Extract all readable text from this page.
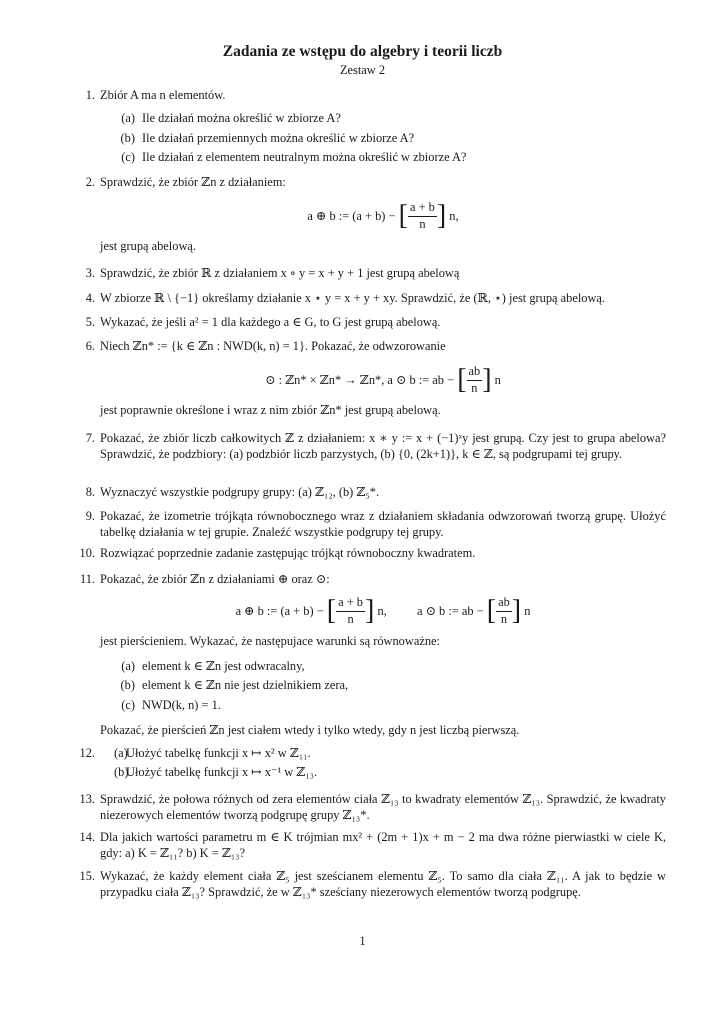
Zadania ze wstępu do algebry i teorii liczb
Zestaw 2
1. Zbiór A ma n elementów.
(a) Ile działań można określić w zbiorze A?
(b) Ile działań przemiennych można określić w zbiorze A?
(c) Ile działań z elementem neutralnym można określić w zbiorze A?
2. Sprawdzić, że zbiór ℤn z działaniem:
a ⊕ b := (a + b) − [ $\frac{a + b}{n}$ ] n,
jest grupą abelową.
3. Sprawdzić, że zbiór ℝ z działaniem x ∘ y = x + y + 1 jest grupą abelową
4. W zbiorze ℝ \ {−1} określamy działanie x ⋆ y = x + y + xy. Sprawdzić, że (ℝ, ⋆) jest grupą abelową.
5. Wykazać, że jeśli a² = 1 dla każdego a ∈ G, to G jest grupą abelową.
6. Niech ℤn* := {k ∈ ℤn : NWD(k, n) = 1}. Pokazać, że odwzorowanie
⊙ : ℤn* × ℤn* → ℤn*, a ⊙ b := ab − [ $\frac{ab}{n}$ ] n
jest poprawnie określone i wraz z nim zbiór ℤn* jest grupą abelową.
7. Pokazać, że zbiór liczb całkowitych ℤ z działaniem: x ∗ y := x + (−1)ˣy jest grupą. Czy jest to grupa abelowa? Sprawdzić, że podzbiory: (a) podzbiór liczb parzystych, (b) {0, (2k+1)}, k ∈ ℤ, są podgrupami tej grupy.
8. Wyznaczyć wszystkie podgrupy grupy: (a) ℤ₁₂, (b) ℤ₅*.
9. Pokazać, że izometrie trójkąta równobocznego wraz z działaniem składania odwzorowań tworzą grupę. Ułożyć tabelkę działania w tej grupie. Znaleźć wszystkie podgrupy tej grupy.
10. Rozwiązać poprzednie zadanie zastępując trójkąt równoboczny kwadratem.
11. Pokazać, że zbiór ℤn z działaniami ⊕ oraz ⊙:
a ⊕ b := (a + b) − [ $\frac{a + b}{n}$ ] n, a ⊙ b := ab − [ $\frac{ab}{n}$ ] n
jest pierścieniem. Wykazać, że następujace warunki są równoważne:
(a) element k ∈ ℤn jest odwracalny,
(b) element k ∈ ℤn nie jest dzielnikiem zera,
(c) NWD(k, n) = 1.
Pokazać, że pierścień ℤn jest ciałem wtedy i tylko wtedy, gdy n jest liczbą pierwszą.
12. (a)
Ułożyć tabelkę funkcji x ↦ x² w ℤ₁₁.
(b)
Ułożyć tabelkę funkcji x ↦ x⁻¹ w ℤ₁₃.
13. Sprawdzić, że połowa różnych od zera elementów ciała ℤ₁₃ to kwadraty elementów ℤ₁₃. Sprawdzić, że kwadraty niezerowych elementów tworzą podgrupę grupy ℤ₁₃*.
14. Dla jakich wartości parametru m ∈ K trójmian mx² + (2m + 1)x + m − 2 ma dwa różne pierwiastki w ciele K, gdy: a) K = ℤ₁₁? b) K = ℤ₁₃?
15. Wykazać, że każdy element ciała ℤ₅ jest sześcianem elementu ℤ₅. To samo dla ciała ℤ₁₁. A jak to będzie w przypadku ciała ℤ₁₃? Sprawdzić, że w ℤ₁₃* sześciany niezerowych elementów tworzą podgrupę.
1
